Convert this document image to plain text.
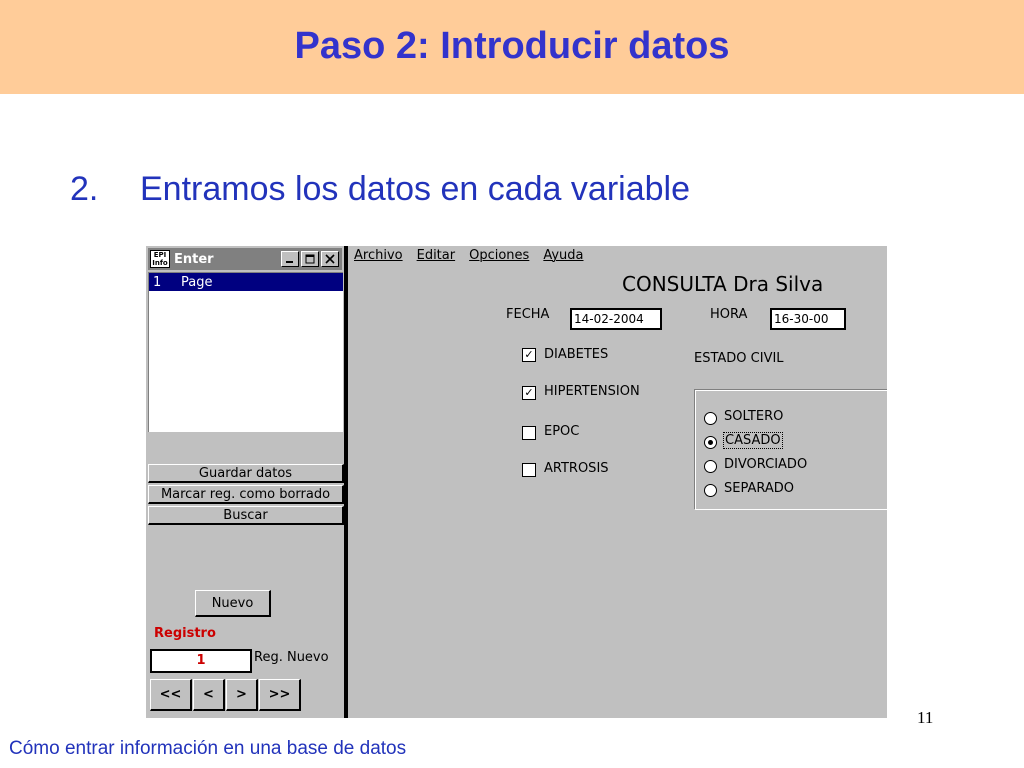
Paso 2: Introducir datos
2. Entramos los datos en cada variable
EPI Info Enter
1	Page
Guardar datos
Marcar reg. como borrado
Buscar
Nuevo
Registro
1	Reg. Nuevo
<< < > >>
Archivo Editar Opciones Ayuda
CONSULTA Dra Silva
FECHA	14-02-2004	HORA	16-30-00
✓ DIABETES
✓ HIPERTENSION
EPOC
ARTROSIS
ESTADO CIVIL
SOLTERO
CASADO
DIVORCIADO
SEPARADO
11
Cómo entrar información en una base de datos
